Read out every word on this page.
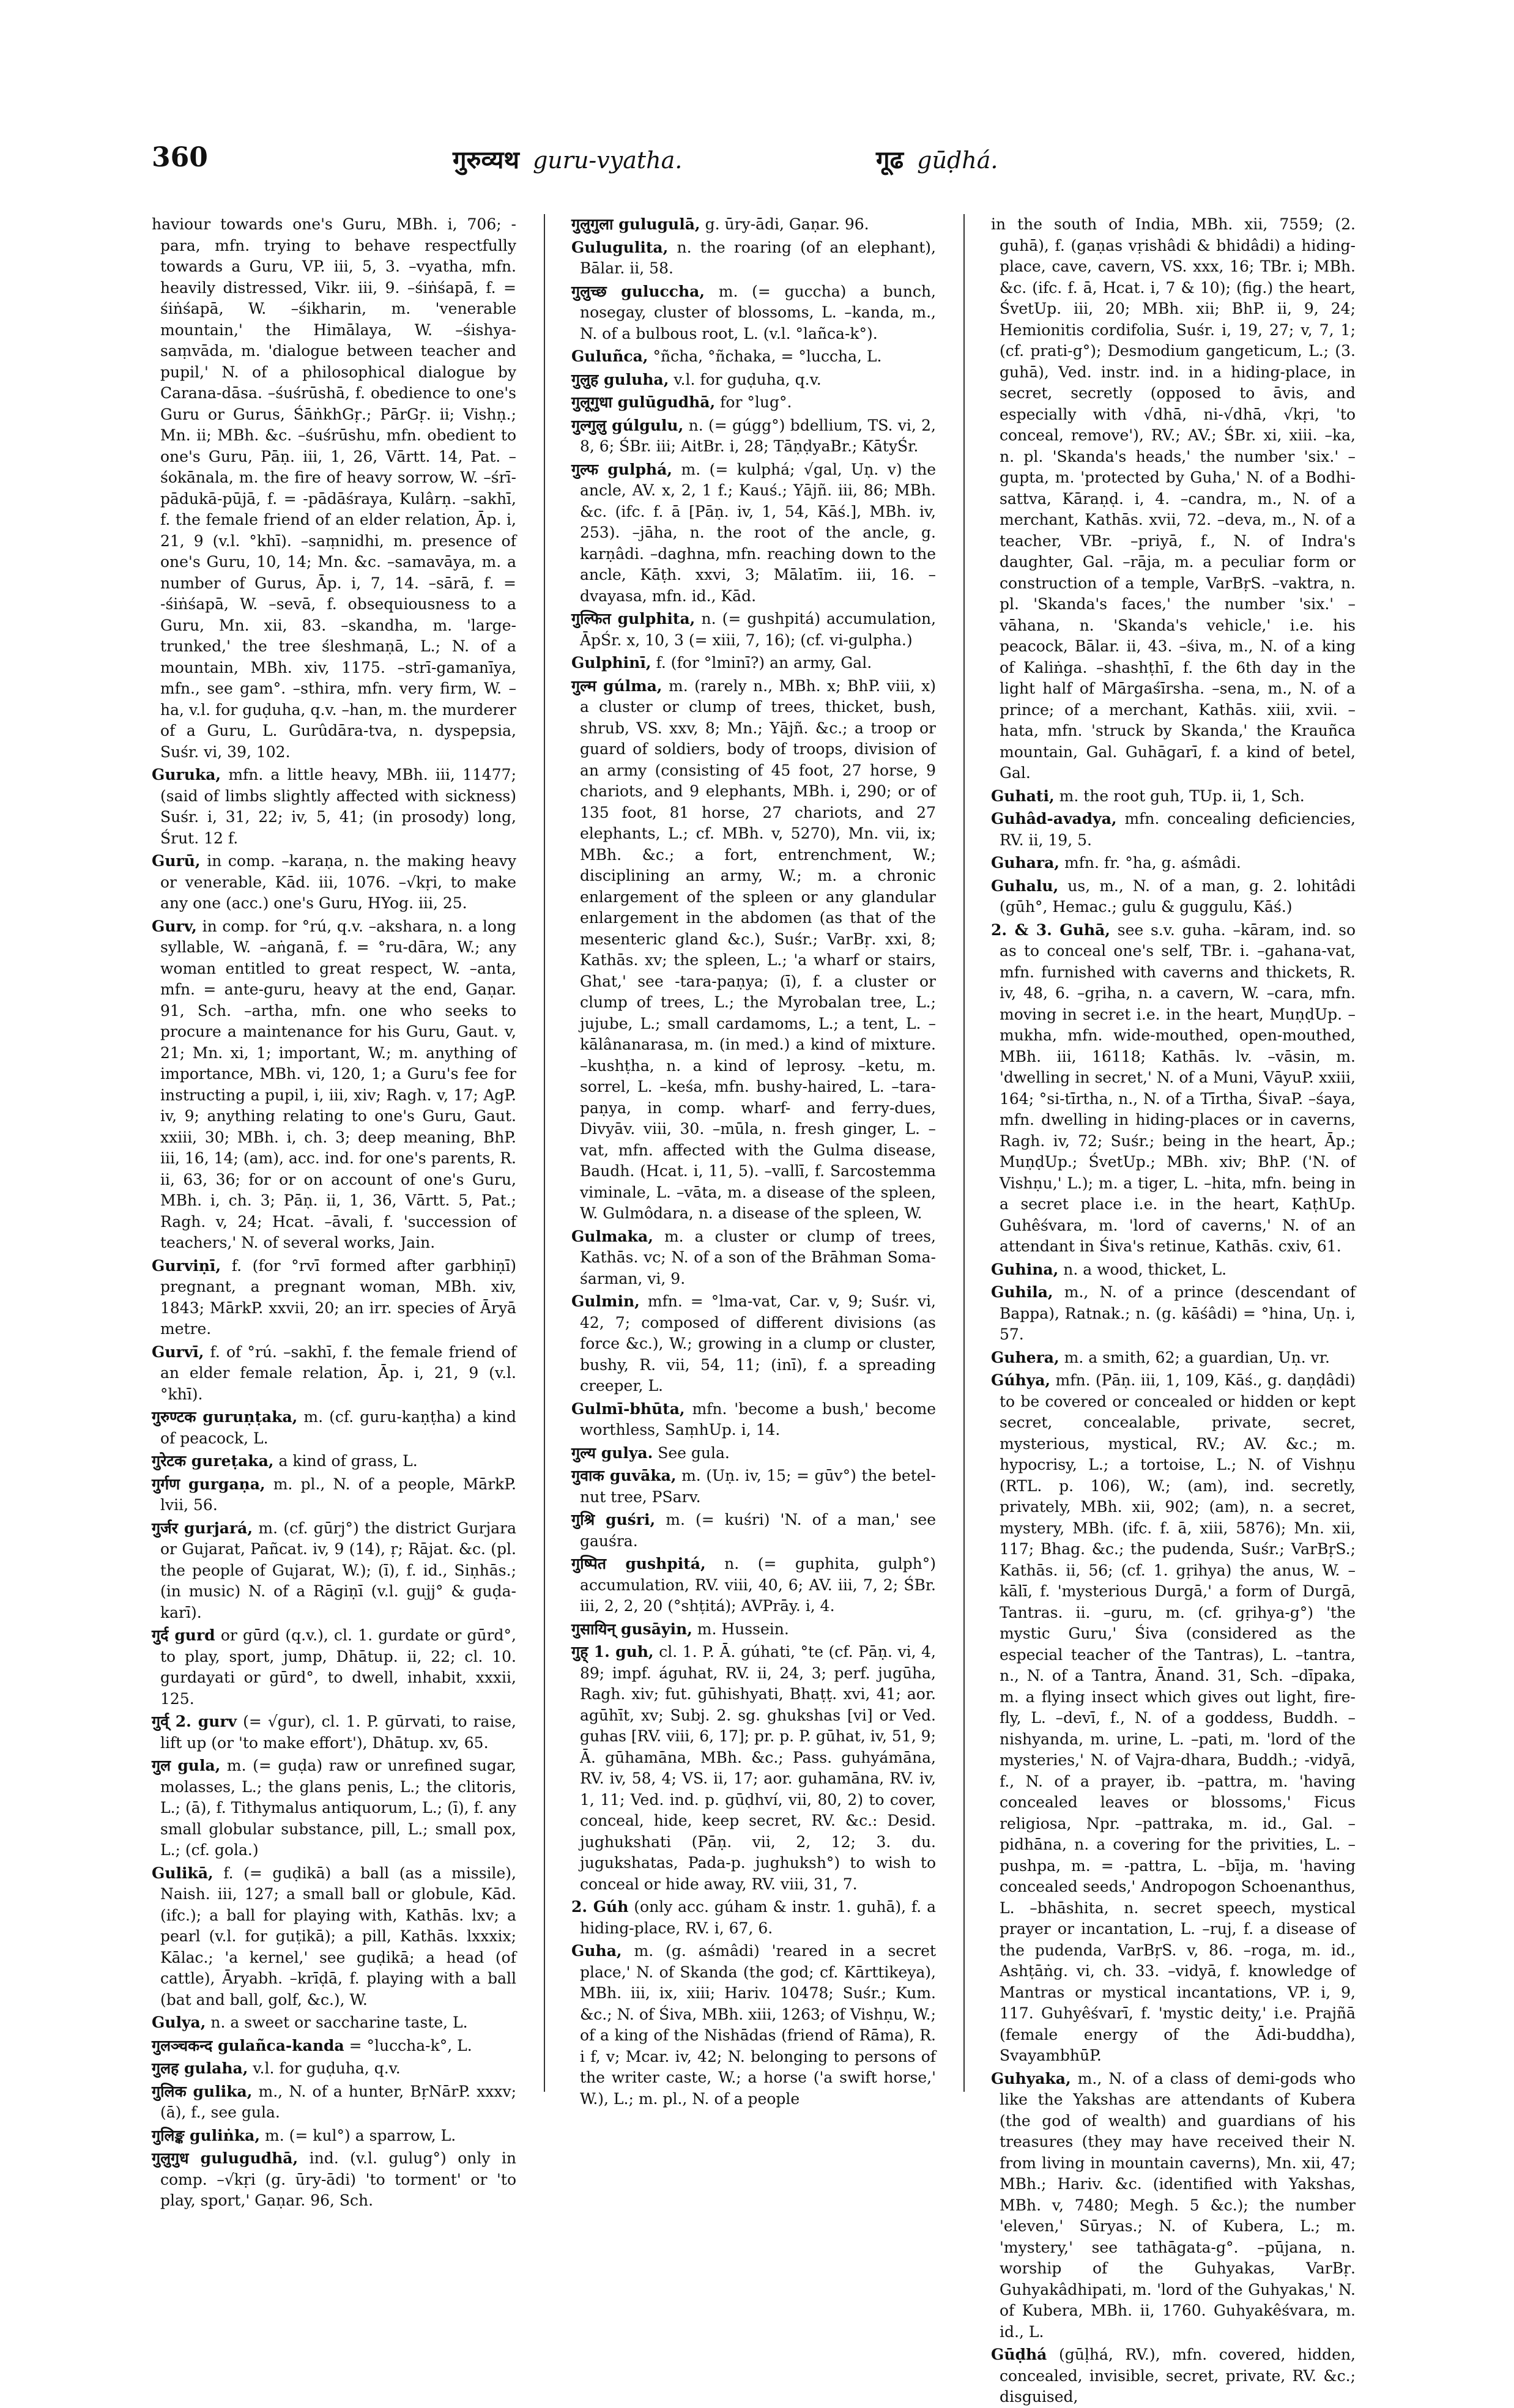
360	गुरुव्यथ guru-vyatha.	गूढ gūḍhá.

haviour towards one's Guru, MBh. i, 706; -para, mfn. trying to behave respectfully towards a Guru, VP. iii, 5, 3. –vyatha, mfn. heavily distressed, Vikr. iii, 9. –śiṅśapā, f. = śiṅśapā, W. –śikharin, m. 'venerable mountain,' the Himālaya, W. –śishya-saṃvāda, m. 'dialogue between teacher and pupil,' N. of a philosophical dialogue by Carana-dāsa. –śuśrūshā, f. obedience to one's Guru or Gurus, ŚāṅkhGṛ.; PārGṛ. ii; Vishṇ.; Mn. ii; MBh. &c. –śuśrūshu, mfn. obedient to one's Guru, Pāṇ. iii, 1, 26, Vārtt. 14, Pat. –śokānala, m. the fire of heavy sorrow, W. –śrī-pādukā-pūjā, f. = -pādāśraya, Kulârṇ. –sakhī, f. the female friend of an elder relation, Āp. i, 21, 9 (v.l. °khī). –saṃnidhi, m. presence of one's Guru, 10, 14; Mn. &c. –samavāya, m. a number of Gurus, Āp. i, 7, 14. –sārā, f. = -śiṅśapā, W. –sevā, f. obsequiousness to a Guru, Mn. xii, 83. –skandha, m. 'large-trunked,' the tree śleshmaṇā, L.; N. of a mountain, MBh. xiv, 1175. –strī-gamanīya, mfn., see gam°. –sthira, mfn. very firm, W. –ha, v.l. for guḍuha, q.v. –han, m. the murderer of a Guru, L. Gurûdāra-tva, n. dyspepsia, Suśr. vi, 39, 102.

Guruka, mfn. a little heavy, MBh. iii, 11477; (said of limbs slightly affected with sickness) Suśr. i, 31, 22; iv, 5, 41; (in prosody) long, Śrut. 12 f.

Gurū, in comp. –karaṇa, n. the making heavy or venerable, Kād. iii, 1076. –√kṛi, to make any one (acc.) one's Guru, HYog. iii, 25.

Gurv, in comp. for °rú, q.v. –akshara, n. a long syllable, W. –aṅganā, f. = °ru-dāra, W.; any woman entitled to great respect, W. –anta, mfn. = ante-guru, heavy at the end, Gaṇar. 91, Sch. –artha, mfn. one who seeks to procure a maintenance for his Guru, Gaut. v, 21; Mn. xi, 1; important, W.; m. anything of importance, MBh. vi, 120, 1; a Guru's fee for instructing a pupil, i, iii, xiv; Ragh. v, 17; AgP. iv, 9; anything relating to one's Guru, Gaut. xxiii, 30; MBh. i, ch. 3; deep meaning, BhP. iii, 16, 14; (am), acc. ind. for one's parents, R. ii, 63, 36; for or on account of one's Guru, MBh. i, ch. 3; Pāṇ. ii, 1, 36, Vārtt. 5, Pat.; Ragh. v, 24; Hcat. –āvali, f. 'succession of teachers,' N. of several works, Jain.

Gurviṇī, f. (for °rvī formed after garbhiṇī) pregnant, a pregnant woman, MBh. xiv, 1843; MārkP. xxvii, 20; an irr. species of Āryā metre.

Gurvī, f. of °rú. –sakhī, f. the female friend of an elder female relation, Āp. i, 21, 9 (v.l. °khī).

गुरुण्टक guruṇṭaka, m. (cf. guru-kaṇṭha) a kind of peacock, L.

गुरेटक gureṭaka, a kind of grass, L.

गुर्गण gurgaṇa, m. pl., N. of a people, MārkP. lvii, 56.

गुर्जर gurjará, m. (cf. gūrj°) the district Gurjara or Gujarat, Pañcat. iv, 9 (14), ṛ; Rājat. &c. (pl. the people of Gujarat, W.); (ī), f. id., Siṇhās.; (in music) N. of a Rāgiṇī (v.l. gujj° & guḍa-karī).

गुर्द gurd or gūrd (q.v.), cl. 1. gurdate or gūrd°, to play, sport, jump, Dhātup. ii, 22; cl. 10. gurdayati or gūrd°, to dwell, inhabit, xxxii, 125.

गुर्व् 2. gurv (= √gur), cl. 1. P. gūrvati, to raise, lift up (or 'to make effort'), Dhātup. xv, 65.

गुल gula, m. (= guḍa) raw or unrefined sugar, molasses, L.; the glans penis, L.; the clitoris, L.; (ā), f. Tithymalus antiquorum, L.; (ī), f. any small globular substance, pill, L.; small pox, L.; (cf. gola.)

Gulikā, f. (= guḍikā) a ball (as a missile), Naish. iii, 127; a small ball or globule, Kād. (ifc.); a ball for playing with, Kathās. lxv; a pearl (v.l. for guṭikā); a pill, Kathās. lxxxix; Kālac.; 'a kernel,' see guḍikā; a head (of cattle), Āryabh. –krīḍā, f. playing with a ball (bat and ball, golf, &c.), W.

Gulya, n. a sweet or saccharine taste, L.

गुलञ्चकन्द gulañca-kanda = °luccha-k°, L.

गुलह gulaha, v.l. for guḍuha, q.v.

गुलिक gulika, m., N. of a hunter, BṛNārP. xxxv; (ā), f., see gula.

गुलिङ्क guliṅka, m. (= kul°) a sparrow, L.

गुलुगुध gulugudhā, ind. (v.l. gulug°) only in comp. –√kṛi (g. ūry-ādi) 'to torment' or 'to play, sport,' Gaṇar. 96, Sch.

गुलुगुला gulugulā, g. ūry-ādi, Gaṇar. 96.

Gulugulita, n. the roaring (of an elephant), Bālar. ii, 58.

गुलुच्छ guluccha, m. (= guccha) a bunch, nosegay, cluster of blossoms, L. –kanda, m., N. of a bulbous root, L. (v.l. °lañca-k°).

Guluñca, °ñcha, °ñchaka, = °luccha, L.

गुलुह guluha, v.l. for guḍuha, q.v.

गुलूगुधा gulūgudhā, for °lug°.

गुल्गुलु gúlgulu, n. (= gúgg°) bdellium, TS. vi, 2, 8, 6; ŚBr. iii; AitBr. i, 28; TāṇḍyaBr.; KātyŚr.

गुल्फ gulphá, m. (= kulphá; √gal, Uṇ. v) the ancle, AV. x, 2, 1 f.; Kauś.; Yājñ. iii, 86; MBh. &c. (ifc. f. ā [Pāṇ. iv, 1, 54, Kāś.], MBh. iv, 253). –jāha, n. the root of the ancle, g. karṇâdi. –daghna, mfn. reaching down to the ancle, Kāṭh. xxvi, 3; Mālatīm. iii, 16. –dvayasa, mfn. id., Kād.

गुल्फित gulphita, n. (= gushpitá) accumulation, ĀpŚr. x, 10, 3 (= xiii, 7, 16); (cf. vi-gulpha.)

Gulphinī, f. (for °lminī?) an army, Gal.

गुल्म gúlma, m. (rarely n., MBh. x; BhP. viii, x) a cluster or clump of trees, thicket, bush, shrub, VS. xxv, 8; Mn.; Yājñ. &c.; a troop or guard of soldiers, body of troops, division of an army (consisting of 45 foot, 27 horse, 9 chariots, and 9 elephants, MBh. i, 290; or of 135 foot, 81 horse, 27 chariots, and 27 elephants, L.; cf. MBh. v, 5270), Mn. vii, ix; MBh. &c.; a fort, entrenchment, W.; disciplining an army, W.; m. a chronic enlargement of the spleen or any glandular enlargement in the abdomen (as that of the mesenteric gland &c.), Suśr.; VarBṛ. xxi, 8; Kathās. xv; the spleen, L.; 'a wharf or stairs, Ghat,' see -tara-paṇya; (ī), f. a cluster or clump of trees, L.; the Myrobalan tree, L.; jujube, L.; small cardamoms, L.; a tent, L. –kālânanarasa, m. (in med.) a kind of mixture. –kushṭha, n. a kind of leprosy. –ketu, m. sorrel, L. –keśa, mfn. bushy-haired, L. –tara-paṇya, in comp. wharf- and ferry-dues, Divyāv. viii, 30. –mūla, n. fresh ginger, L. –vat, mfn. affected with the Gulma disease, Baudh. (Hcat. i, 11, 5). –vallī, f. Sarcostemma viminale, L. –vāta, m. a disease of the spleen, W. Gulmôdara, n. a disease of the spleen, W.

Gulmaka, m. a cluster or clump of trees, Kathās. vc; N. of a son of the Brāhman Soma-śarman, vi, 9.

Gulmin, mfn. = °lma-vat, Car. v, 9; Suśr. vi, 42, 7; composed of different divisions (as force &c.), W.; growing in a clump or cluster, bushy, R. vii, 54, 11; (inī), f. a spreading creeper, L.

Gulmī-bhūta, mfn. 'become a bush,' become worthless, SaṃhUp. i, 14.

गुल्य gulya. See gula.

गुवाक guvāka, m. (Uṇ. iv, 15; = gūv°) the betel-nut tree, PSarv.

गुश्रि guśri, m. (= kuśri) 'N. of a man,' see gauśra.

गुष्पित gushpitá, n. (= guphita, gulph°) accumulation, RV. viii, 40, 6; AV. iii, 7, 2; ŚBr. iii, 2, 2, 20 (°shṭitá); AVPrāy. i, 4.

गुसायिन् gusāyin, m. Hussein.

गुह् 1. guh, cl. 1. P. Ā. gúhati, °te (cf. Pāṇ. vi, 4, 89; impf. águhat, RV. ii, 24, 3; perf. jugūha, Ragh. xiv; fut. gūhishyati, Bhaṭṭ. xvi, 41; aor. agūhīt, xv; Subj. 2. sg. ghukshas [vi] or Ved. guhas [RV. viii, 6, 17]; pr. p. P. gūhat, iv, 51, 9; Ā. gūhamāna, MBh. &c.; Pass. guhyámāna, RV. iv, 58, 4; VS. ii, 17; aor. guhamāna, RV. iv, 1, 11; Ved. ind. p. gūḍhví, vii, 80, 2) to cover, conceal, hide, keep secret, RV. &c.: Desid. jughukshati (Pāṇ. vii, 2, 12; 3. du. jugukshatas, Pada-p. jughuksh°) to wish to conceal or hide away, RV. viii, 31, 7.

2. Gúh (only acc. gúham & instr. 1. guhā), f. a hiding-place, RV. i, 67, 6.

Guha, m. (g. aśmâdi) 'reared in a secret place,' N. of Skanda (the god; cf. Kārttikeya), MBh. iii, ix, xiii; Hariv. 10478; Suśr.; Kum. &c.; N. of Śiva, MBh. xiii, 1263; of Vishṇu, W.; of a king of the Nishādas (friend of Rāma), R. i f, v; Mcar. iv, 42; N. belonging to persons of the writer caste, W.; a horse ('a swift horse,' W.), L.; m. pl., N. of a people

in the south of India, MBh. xii, 7559; (2. guhā), f. (gaṇas vṛishâdi & bhidâdi) a hiding-place, cave, cavern, VS. xxx, 16; TBr. i; MBh. &c. (ifc. f. ā, Hcat. i, 7 & 10); (fig.) the heart, ŚvetUp. iii, 20; MBh. xii; BhP. ii, 9, 24; Hemionitis cordifolia, Suśr. i, 19, 27; v, 7, 1; (cf. prati-g°); Desmodium gangeticum, L.; (3. guhā), Ved. instr. ind. in a hiding-place, in secret, secretly (opposed to āvis, and especially with √dhā, ni-√dhā, √kṛi, 'to conceal, remove'), RV.; AV.; ŚBr. xi, xiii. –ka, n. pl. 'Skanda's heads,' the number 'six.' –gupta, m. 'protected by Guha,' N. of a Bodhi-sattva, Kāraṇḍ. i, 4. –candra, m., N. of a merchant, Kathās. xvii, 72. –deva, m., N. of a teacher, VBr. –priyā, f., N. of Indra's daughter, Gal. –rāja, m. a peculiar form or construction of a temple, VarBṛS. –vaktra, n. pl. 'Skanda's faces,' the number 'six.' –vāhana, n. 'Skanda's vehicle,' i.e. his peacock, Bālar. ii, 43. –śiva, m., N. of a king of Kaliṅga. –shashṭhī, f. the 6th day in the light half of Mārgaśīrsha. –sena, m., N. of a prince; of a merchant, Kathās. xiii, xvii. –hata, mfn. 'struck by Skanda,' the Krauñca mountain, Gal. Guhāgarī, f. a kind of betel, Gal.

Guhati, m. the root guh, TUp. ii, 1, Sch.

Guhâd-avadya, mfn. concealing deficiencies, RV. ii, 19, 5.

Guhara, mfn. fr. °ha, g. aśmâdi.

Guhalu, us, m., N. of a man, g. 2. lohitâdi (gūh°, Hemac.; gulu & guggulu, Kāś.)

2. & 3. Guhā, see s.v. guha. –kāram, ind. so as to conceal one's self, TBr. i. –gahana-vat, mfn. furnished with caverns and thickets, R. iv, 48, 6. –gṛiha, n. a cavern, W. –cara, mfn. moving in secret i.e. in the heart, MuṇḍUp. –mukha, mfn. wide-mouthed, open-mouthed, MBh. iii, 16118; Kathās. lv. –vāsin, m. 'dwelling in secret,' N. of a Muni, VāyuP. xxiii, 164; °si-tīrtha, n., N. of a Tīrtha, ŚivaP. –śaya, mfn. dwelling in hiding-places or in caverns, Ragh. iv, 72; Suśr.; being in the heart, Āp.; MuṇḍUp.; ŚvetUp.; MBh. xiv; BhP. ('N. of Vishṇu,' L.); m. a tiger, L. –hita, mfn. being in a secret place i.e. in the heart, KaṭhUp. Guhêśvara, m. 'lord of caverns,' N. of an attendant in Śiva's retinue, Kathās. cxiv, 61.

Guhina, n. a wood, thicket, L.

Guhila, m., N. of a prince (descendant of Bappa), Ratnak.; n. (g. kāśâdi) = °hina, Uṇ. i, 57.

Guhera, m. a smith, 62; a guardian, Uṇ. vr.

Gúhya, mfn. (Pāṇ. iii, 1, 109, Kāś., g. daṇḍâdi) to be covered or concealed or hidden or kept secret, concealable, private, secret, mysterious, mystical, RV.; AV. &c.; m. hypocrisy, L.; a tortoise, L.; N. of Vishṇu (RTL. p. 106), W.; (am), ind. secretly, privately, MBh. xii, 902; (am), n. a secret, mystery, MBh. (ifc. f. ā, xiii, 5876); Mn. xii, 117; Bhag. &c.; the pudenda, Suśr.; VarBṛS.; Kathās. ii, 56; (cf. 1. gṛihya) the anus, W. –kālī, f. 'mysterious Durgā,' a form of Durgā, Tantras. ii. –guru, m. (cf. gṛihya-g°) 'the mystic Guru,' Śiva (considered as the especial teacher of the Tantras), L. –tantra, n., N. of a Tantra, Ānand. 31, Sch. –dīpaka, m. a flying insect which gives out light, fire-fly, L. –devī, f., N. of a goddess, Buddh. –nishyanda, m. urine, L. –pati, m. 'lord of the mysteries,' N. of Vajra-dhara, Buddh.; -vidyā, f., N. of a prayer, ib. –pattra, m. 'having concealed leaves or blossoms,' Ficus religiosa, Npr. –pattraka, m. id., Gal. –pidhāna, n. a covering for the privities, L. –pushpa, m. = -pattra, L. –bīja, m. 'having concealed seeds,' Andropogon Schoenanthus, L. –bhāshita, n. secret speech, mystical prayer or incantation, L. –ruj, f. a disease of the pudenda, VarBṛS. v, 86. –roga, m. id., Ashṭāṅg. vi, ch. 33. –vidyā, f. knowledge of Mantras or mystical incantations, VP. i, 9, 117. Guhyêśvarī, f. 'mystic deity,' i.e. Prajñā (female energy of the Ādi-buddha), SvayambhūP.

Guhyaka, m., N. of a class of demi-gods who like the Yakshas are attendants of Kubera (the god of wealth) and guardians of his treasures (they may have received their N. from living in mountain caverns), Mn. xii, 47; MBh.; Hariv. &c. (identified with Yakshas, MBh. v, 7480; Megh. 5 &c.); the number 'eleven,' Sūryas.; N. of Kubera, L.; m. 'mystery,' see tathāgata-g°. –pūjana, n. worship of the Guhyakas, VarBṛ. Guhyakâdhipati, m. 'lord of the Guhyakas,' N. of Kubera, MBh. ii, 1760. Guhyakêśvara, m. id., L.

Gūḍhá (gūḷhá, RV.), mfn. covered, hidden, concealed, invisible, secret, private, RV. &c.; disguised,
